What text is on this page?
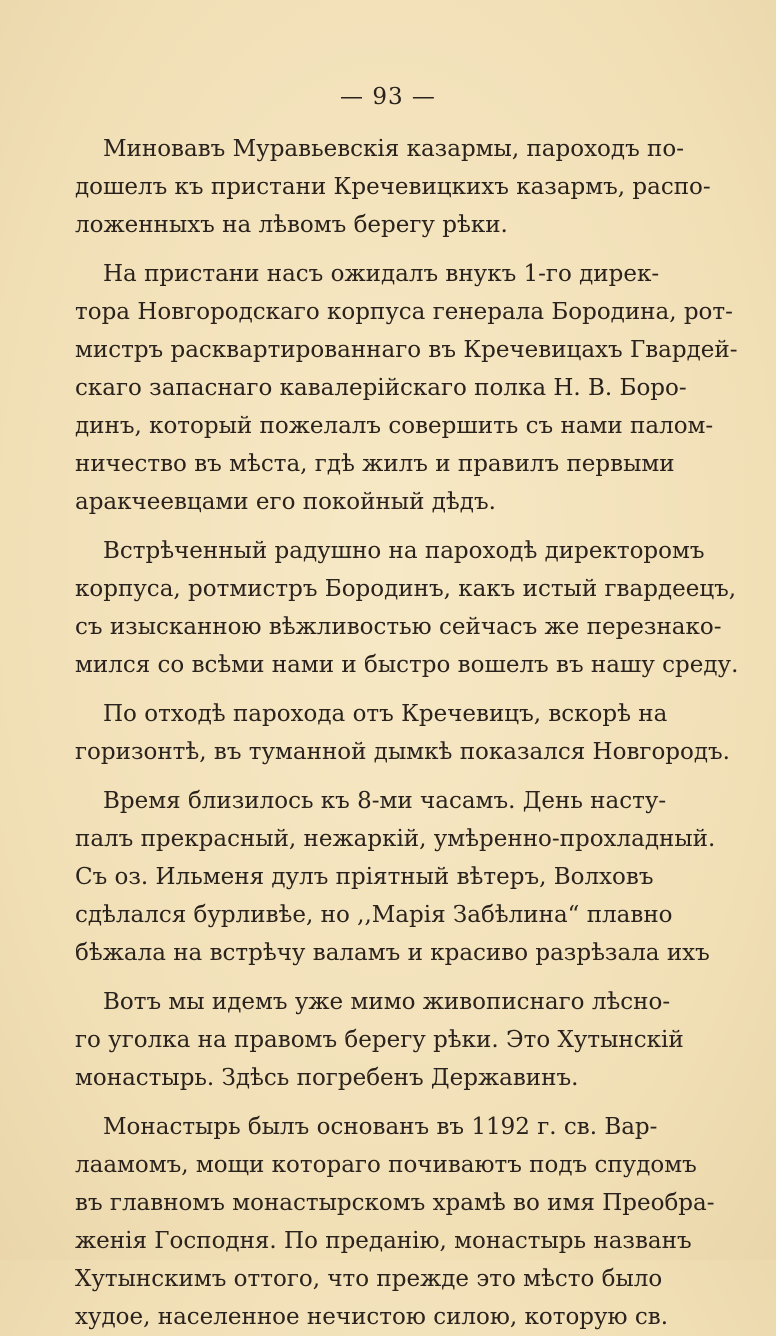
— 93 —
Миновавъ Муравьевскія казармы, пароходъ по-
дошелъ къ пристани Кречевицкихъ казармъ, распо-
ложенныхъ на лѣвомъ берегу рѣки.
На пристани насъ ожидалъ внукъ 1-го дирек-
тора Новгородскаго корпуса генерала Бородина, рот-
мистръ расквартированнаго въ Кречевицахъ Гвардей-
скаго запаснаго кавалерійскаго полка Н. В. Боро-
динъ, который пожелалъ совершить съ нами палом-
ничество въ мѣста, гдѣ жилъ и правилъ первыми
аракчеевцами его покойный дѣдъ.
Встрѣченный радушно на пароходѣ директоромъ
корпуса, ротмистръ Бородинъ, какъ истый гвардеецъ,
съ изысканною вѣжливостью сейчасъ же перезнако-
мился со всѣми нами и быстро вошелъ въ нашу среду.
По отходѣ парохода отъ Кречевицъ, вскорѣ на
горизонтѣ, въ туманной дымкѣ показался Новгородъ.
Время близилось къ 8-ми часамъ. День насту-
палъ прекрасный, нежаркій, умѣренно-прохладный.
Съ оз. Ильменя дулъ пріятный вѣтеръ, Волховъ
сдѣлался бурливѣе, но ,,Марія Забѣлина“ плавно
бѣжала на встрѣчу валамъ и красиво разрѣзала ихъ
Вотъ мы идемъ уже мимо живописнаго лѣсно-
го уголка на правомъ берегу рѣки. Это Хутынскій
монастырь. Здѣсь погребенъ Державинъ.
Монастырь былъ основанъ въ 1192 г. св. Вар-
лаамомъ, мощи котораго почиваютъ подъ спудомъ
въ главномъ монастырскомъ храмѣ во имя Преобра-
женія Господня. По преданію, монастырь названъ
Хутынскимъ оттого, что прежде это мѣсто было
худое, населенное нечистою силою, которую св.
